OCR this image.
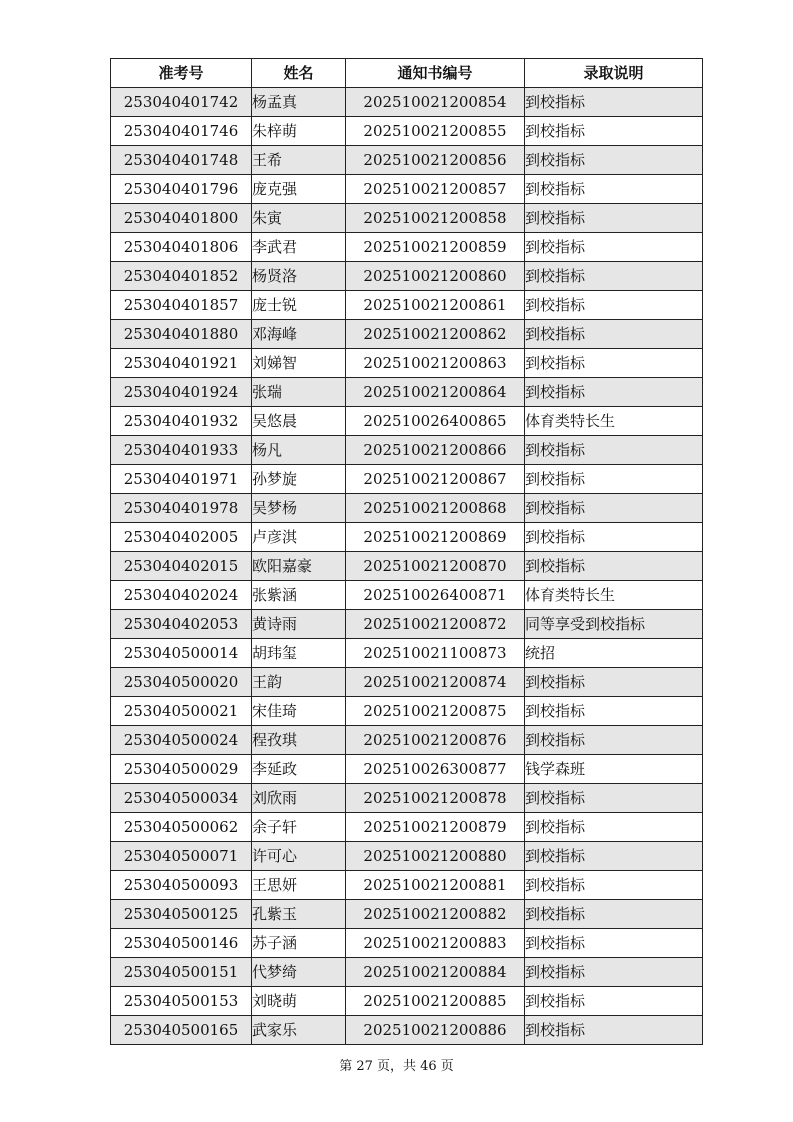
准考号	姓名	通知书编号	录取说明
253040401742	杨孟真	202510021200854	到校指标
253040401746	朱梓萌	202510021200855	到校指标
253040401748	王希	202510021200856	到校指标
253040401796	庞克强	202510021200857	到校指标
253040401800	朱寅	202510021200858	到校指标
253040401806	李武君	202510021200859	到校指标
253040401852	杨贤洛	202510021200860	到校指标
253040401857	庞士锐	202510021200861	到校指标
253040401880	邓海峰	202510021200862	到校指标
253040401921	刘娣智	202510021200863	到校指标
253040401924	张瑞	202510021200864	到校指标
253040401932	吴悠晨	202510026400865	体育类特长生
253040401933	杨凡	202510021200866	到校指标
253040401971	孙梦旋	202510021200867	到校指标
253040401978	吴梦杨	202510021200868	到校指标
253040402005	卢彦淇	202510021200869	到校指标
253040402015	欧阳嘉豪	202510021200870	到校指标
253040402024	张紫涵	202510026400871	体育类特长生
253040402053	黄诗雨	202510021200872	同等享受到校指标
253040500014	胡玮玺	202510021100873	统招
253040500020	王韵	202510021200874	到校指标
253040500021	宋佳琦	202510021200875	到校指标
253040500024	程孜琪	202510021200876	到校指标
253040500029	李延政	202510026300877	钱学森班
253040500034	刘欣雨	202510021200878	到校指标
253040500062	余子轩	202510021200879	到校指标
253040500071	许可心	202510021200880	到校指标
253040500093	王思妍	202510021200881	到校指标
253040500125	孔紫玉	202510021200882	到校指标
253040500146	苏子涵	202510021200883	到校指标
253040500151	代梦绮	202510021200884	到校指标
253040500153	刘晓萌	202510021200885	到校指标
253040500165	武家乐	202510021200886	到校指标
第 27 页，共 46 页
